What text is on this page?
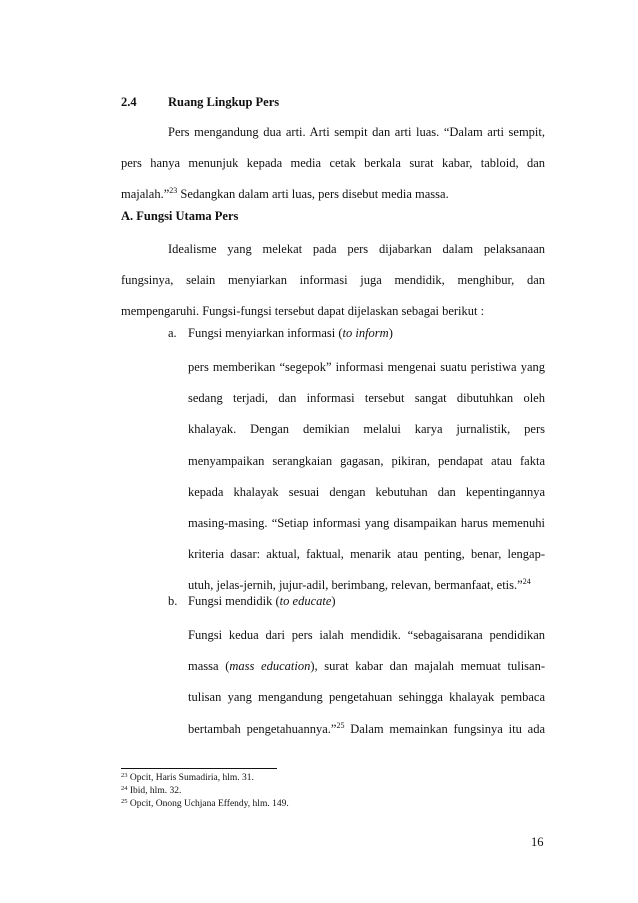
2.4	Ruang Lingkup Pers
Pers mengandung dua arti. Arti sempit dan arti luas. “Dalam arti sempit,
pers hanya menunjuk kepada media cetak berkala surat kabar, tabloid, dan
majalah.”$^{23}$ Sedangkan dalam arti luas, pers disebut media massa.
A. Fungsi Utama Pers
Idealisme yang melekat pada pers dijabarkan dalam pelaksanaan
fungsinya, selain menyiarkan informasi juga mendidik, menghibur, dan
mempengaruhi. Fungsi-fungsi tersebut dapat dijelaskan sebagai berikut :
a. Fungsi menyiarkan informasi (to inform)
pers memberikan “segepok” informasi mengenai suatu peristiwa yang
sedang terjadi, dan informasi tersebut sangat dibutuhkan oleh
khalayak. Dengan demikian melalui karya jurnalistik, pers
menyampaikan serangkaian gagasan, pikiran, pendapat atau fakta
kepada khalayak sesuai dengan kebutuhan dan kepentingannya
masing-masing. “Setiap informasi yang disampaikan harus memenuhi
kriteria dasar: aktual, faktual, menarik atau penting, benar, lengap-
utuh, jelas-jernih, jujur-adil, berimbang, relevan, bermanfaat, etis.”$^{24}$
b. Fungsi mendidik (to educate)
Fungsi kedua dari pers ialah mendidik. “sebagaisarana pendidikan
massa (mass education), surat kabar dan majalah memuat tulisan-
tulisan yang mengandung pengetahuan sehingga khalayak pembaca
bertambah pengetahuannya.”$^{25}$ Dalam memainkan fungsinya itu ada
$^{23}$ Opcit, Haris Sumadiria, hlm. 31.
$^{24}$ Ibid, hlm. 32.
$^{25}$ Opcit, Onong Uchjana Effendy, hlm. 149.
16
